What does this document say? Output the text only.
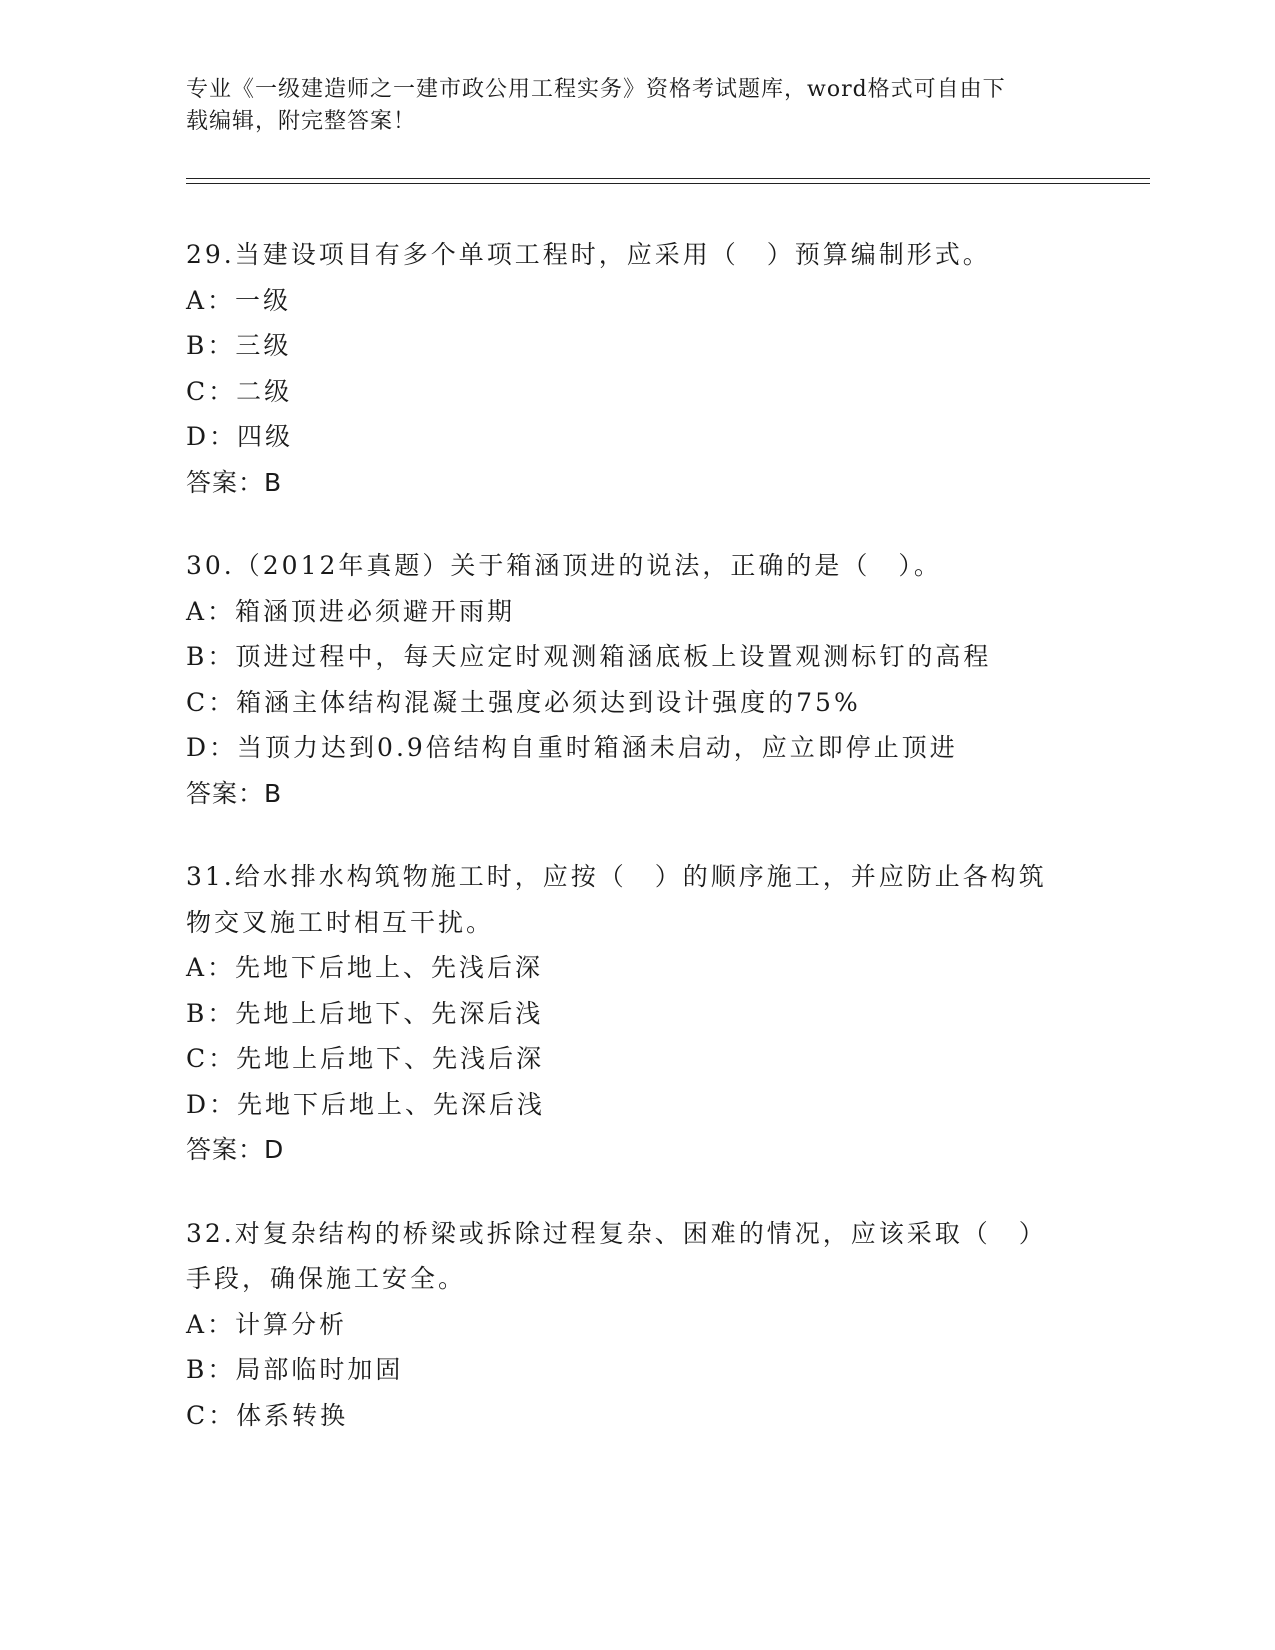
专业《一级建造师之一建市政公用工程实务》资格考试题库，word格式可自由下
载编辑，附完整答案！
29.当建设项目有多个单项工程时，应采用（　）预算编制形式。
A：一级
B：三级
C：二级
D：四级
答案：B
30.（2012年真题）关于箱涵顶进的说法，正确的是（　）。
A：箱涵顶进必须避开雨期
B：顶进过程中，每天应定时观测箱涵底板上设置观测标钉的高程
C：箱涵主体结构混凝土强度必须达到设计强度的75%
D：当顶力达到0.9倍结构自重时箱涵未启动，应立即停止顶进
答案：B
31.给水排水构筑物施工时，应按（　）的顺序施工，并应防止各构筑
物交叉施工时相互干扰。
A：先地下后地上、先浅后深
B：先地上后地下、先深后浅
C：先地上后地下、先浅后深
D：先地下后地上、先深后浅
答案：D
32.对复杂结构的桥梁或拆除过程复杂、困难的情况，应该采取（　）
手段，确保施工安全。
A：计算分析
B：局部临时加固
C：体系转换
